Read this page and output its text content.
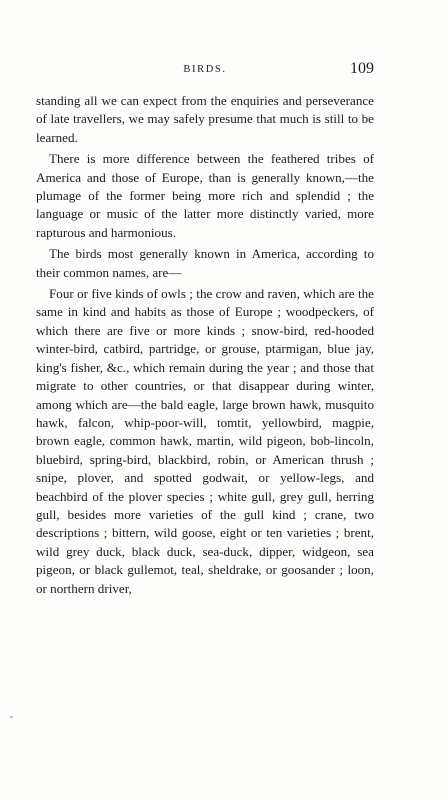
BIRDS.	109

standing all we can expect from the enquiries and perseverance of late travellers, we may safely presume that much is still to be learned.

There is more difference between the feathered tribes of America and those of Europe, than is generally known,—the plumage of the former being more rich and splendid ; the language or music of the latter more distinctly varied, more rapturous and harmonious.

The birds most generally known in America, according to their common names, are—

Four or five kinds of owls ; the crow and raven, which are the same in kind and habits as those of Europe ; woodpeckers, of which there are five or more kinds ; snow-bird, red-hooded winter-bird, catbird, partridge, or grouse, ptarmigan, blue jay, king's fisher, &c., which remain during the year ; and those that migrate to other countries, or that disappear during winter, among which are—the bald eagle, large brown hawk, musquito hawk, falcon, whip-poor-will, tomtit, yellowbird, magpie, brown eagle, common hawk, martin, wild pigeon, bob-lincoln, bluebird, spring-bird, blackbird, robin, or American thrush ; snipe, plover, and spotted godwait, or yellow-legs, and beachbird of the plover species ; white gull, grey gull, herring gull, besides more varieties of the gull kind ; crane, two descriptions ; bittern, wild goose, eight or ten varieties ; brent, wild grey duck, black duck, sea-duck, dipper, widgeon, sea pigeon, or black gullemot, teal, sheldrake, or goosander ; loon, or northern driver,
